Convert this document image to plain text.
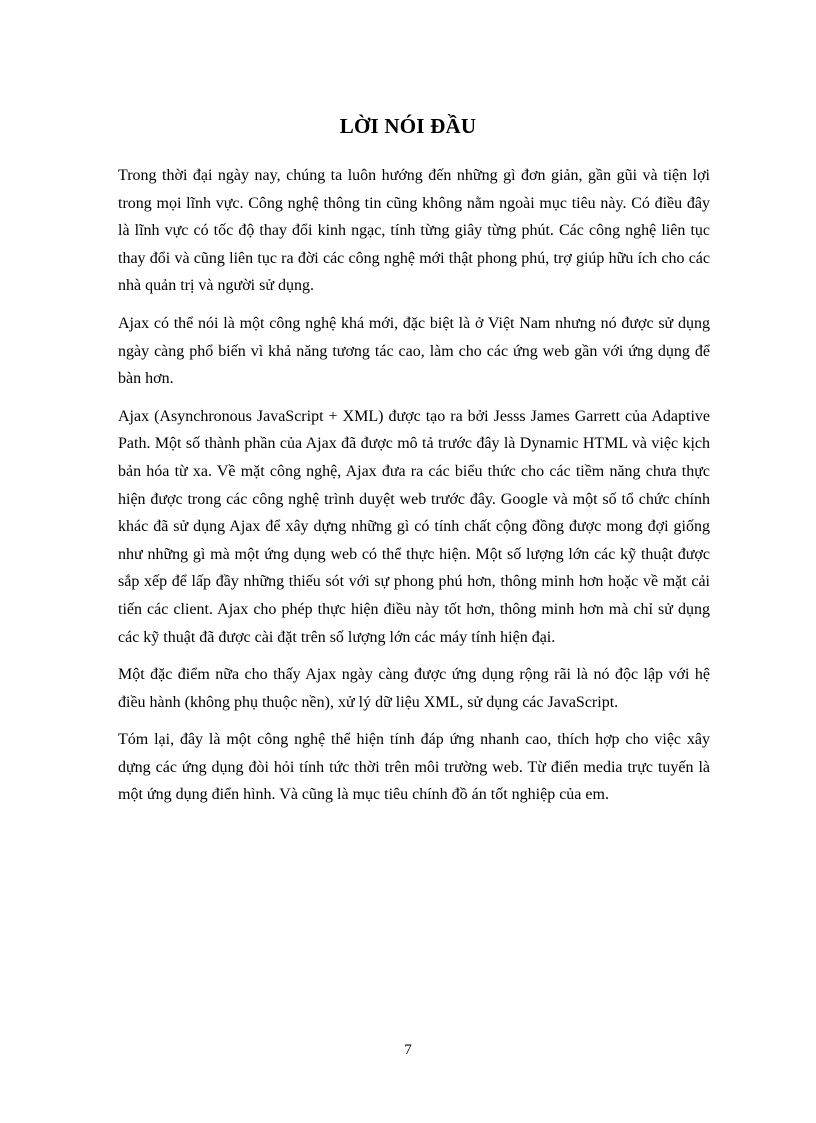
LỜI NÓI ĐẦU

Trong thời đại ngày nay, chúng ta luôn hướng đến những gì đơn giản, gần gũi và tiện lợi trong mọi lĩnh vực. Công nghệ thông tin cũng không nằm ngoài mục tiêu này. Có điều đây là lĩnh vực có tốc độ thay đổi kinh ngạc, tính từng giây từng phút. Các công nghệ liên tục thay đổi và cũng liên tục ra đời các công nghệ mới thật phong phú, trợ giúp hữu ích cho các nhà quản trị và người sử dụng.

Ajax có thể nói là một công nghệ khá mới, đặc biệt là ở Việt Nam nhưng nó được sử dụng ngày càng phổ biến vì khả năng tương tác cao, làm cho các ứng web gần với ứng dụng để bàn hơn.

Ajax (Asynchronous JavaScript + XML) được tạo ra bởi Jesss James Garrett của Adaptive Path. Một số thành phần của Ajax đã được mô tả trước đây là Dynamic HTML và việc kịch bản hóa từ xa. Về mặt công nghệ, Ajax đưa ra các biểu thức cho các tiềm năng chưa thực hiện được trong các công nghệ trình duyệt web trước đây. Google và một số tổ chức chính khác đã sử dụng Ajax để xây dựng những gì có tính chất cộng đồng được mong đợi giống như những gì mà một ứng dụng web có thể thực hiện. Một số lượng lớn các kỹ thuật được sắp xếp để lấp đầy những thiếu sót với sự phong phú hơn, thông minh hơn hoặc về mặt cải tiến các client. Ajax cho phép thực hiện điều này tốt hơn, thông minh hơn mà chỉ sử dụng các kỹ thuật đã được cài đặt trên số lượng lớn các máy tính hiện đại.

Một đặc điểm nữa cho thấy Ajax ngày càng được ứng dụng rộng rãi là nó độc lập với hệ điều hành (không phụ thuộc nền), xử lý dữ liệu XML, sử dụng các JavaScript.

Tóm lại, đây là một công nghệ thể hiện tính đáp ứng nhanh cao, thích hợp cho việc xây dựng các ứng dụng đòi hỏi tính tức thời trên môi trường web. Từ điển media trực tuyến là một ứng dụng điển hình. Và cũng là mục tiêu chính đồ án tốt nghiệp của em.

7
